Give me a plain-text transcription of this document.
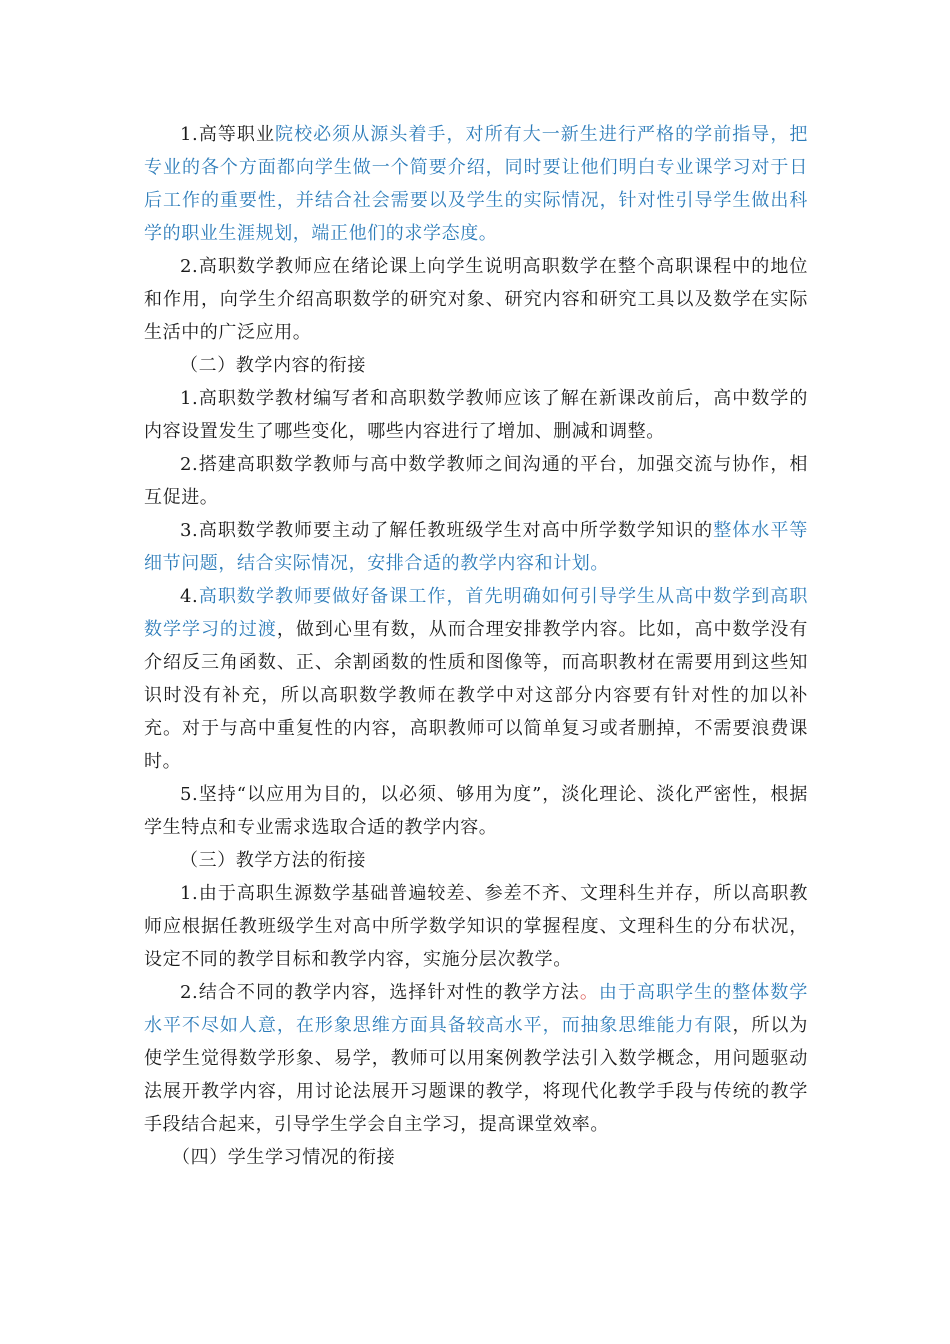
1.高等职业院校必须从源头着手，对所有大一新生进行严格的学前指导，把专业的各个方面都向学生做一个简要介绍，同时要让他们明白专业课学习对于日后工作的重要性，并结合社会需要以及学生的实际情况，针对性引导学生做出科学的职业生涯规划，端正他们的求学态度。

2.高职数学教师应在绪论课上向学生说明高职数学在整个高职课程中的地位和作用，向学生介绍高职数学的研究对象、研究内容和研究工具以及数学在实际生活中的广泛应用。

（二）教学内容的衔接

1.高职数学教材编写者和高职数学教师应该了解在新课改前后，高中数学的内容设置发生了哪些变化，哪些内容进行了增加、删减和调整。

2.搭建高职数学教师与高中数学教师之间沟通的平台，加强交流与协作，相互促进。

3.高职数学教师要主动了解任教班级学生对高中所学数学知识的整体水平等细节问题，结合实际情况，安排合适的教学内容和计划。

4.高职数学教师要做好备课工作，首先明确如何引导学生从高中数学到高职数学学习的过渡，做到心里有数，从而合理安排教学内容。比如，高中数学没有介绍反三角函数、正、余割函数的性质和图像等，而高职教材在需要用到这些知识时没有补充，所以高职数学教师在教学中对这部分内容要有针对性的加以补充。对于与高中重复性的内容，高职教师可以简单复习或者删掉，不需要浪费课时。

5.坚持“以应用为目的，以必须、够用为度”，淡化理论、淡化严密性，根据学生特点和专业需求选取合适的教学内容。

（三）教学方法的衔接

1.由于高职生源数学基础普遍较差、参差不齐、文理科生并存，所以高职教师应根据任教班级学生对高中所学数学知识的掌握程度、文理科生的分布状况，设定不同的教学目标和教学内容，实施分层次教学。

2.结合不同的教学内容，选择针对性的教学方法。由于高职学生的整体数学水平不尽如人意，在形象思维方面具备较高水平，而抽象思维能力有限，所以为使学生觉得数学形象、易学，教师可以用案例教学法引入数学概念，用问题驱动法展开教学内容，用讨论法展开习题课的教学，将现代化教学手段与传统的教学手段结合起来，引导学生学会自主学习，提高课堂效率。

（四）学生学习情况的衔接
